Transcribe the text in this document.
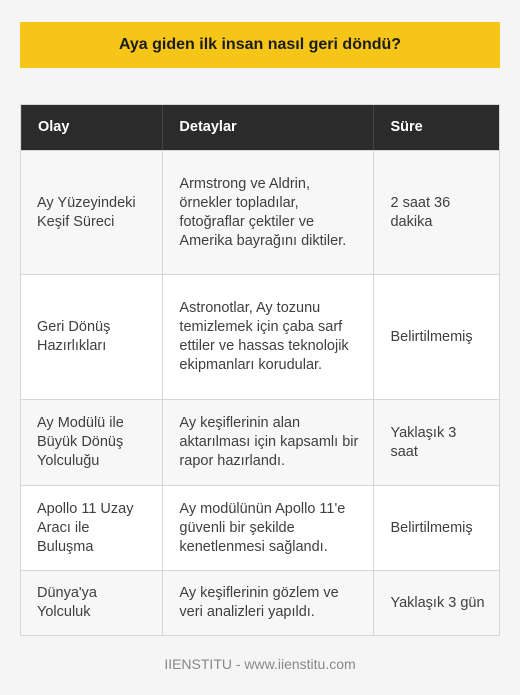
Aya giden ilk insan nasıl geri döndü?
Olay	Detaylar	Süre
Ay Yüzeyindeki Keşif Süreci
Armstrong ve Aldrin, örnekler topladılar, fotoğraflar çektiler ve Amerika bayrağını diktiler.
2 saat 36 dakika
Geri Dönüş Hazırlıkları
Astronotlar, Ay tozunu temizlemek için çaba sarf ettiler ve hassas teknolojik ekipmanları korudular.
Belirtilmemiş
Ay Modülü ile Büyük Dönüş Yolculuğu
Ay keşiflerinin alan aktarılması için kapsamlı bir rapor hazırlandı.
Yaklaşık 3 saat
Apollo 11 Uzay Aracı ile Buluşma
Ay modülünün Apollo 11'e güvenli bir şekilde kenetlenmesi sağlandı.
Belirtilmemiş
Dünya'ya Yolculuk
Ay keşiflerinin gözlem ve veri analizleri yapıldı.
Yaklaşık 3 gün
IIENSTITU - www.iienstitu.com
